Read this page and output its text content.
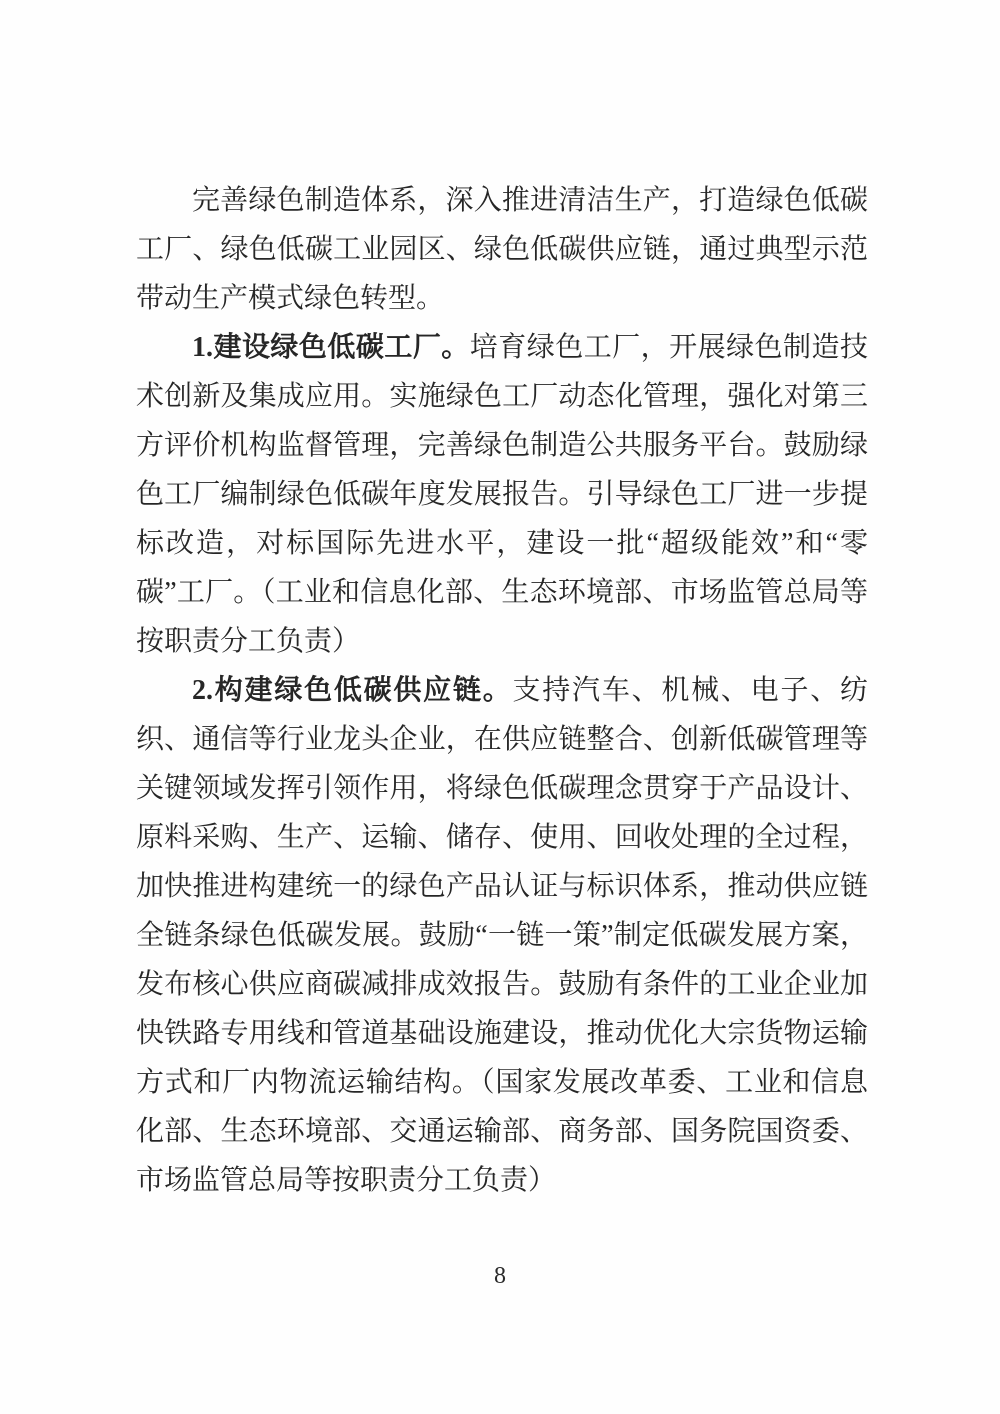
完善绿色制造体系，深入推进清洁生产，打造绿色低碳工厂、绿色低碳工业园区、绿色低碳供应链，通过典型示范带动生产模式绿色转型。

1.建设绿色低碳工厂。培育绿色工厂，开展绿色制造技术创新及集成应用。实施绿色工厂动态化管理，强化对第三方评价机构监督管理，完善绿色制造公共服务平台。鼓励绿色工厂编制绿色低碳年度发展报告。引导绿色工厂进一步提标改造，对标国际先进水平，建设一批“超级能效”和“零碳”工厂。（工业和信息化部、生态环境部、市场监管总局等按职责分工负责）

2.构建绿色低碳供应链。支持汽车、机械、电子、纺织、通信等行业龙头企业，在供应链整合、创新低碳管理等关键领域发挥引领作用，将绿色低碳理念贯穿于产品设计、原料采购、生产、运输、储存、使用、回收处理的全过程，加快推进构建统一的绿色产品认证与标识体系，推动供应链全链条绿色低碳发展。鼓励“一链一策”制定低碳发展方案，发布核心供应商碳减排成效报告。鼓励有条件的工业企业加快铁路专用线和管道基础设施建设，推动优化大宗货物运输方式和厂内物流运输结构。（国家发展改革委、工业和信息化部、生态环境部、交通运输部、商务部、国务院国资委、市场监管总局等按职责分工负责）

8
